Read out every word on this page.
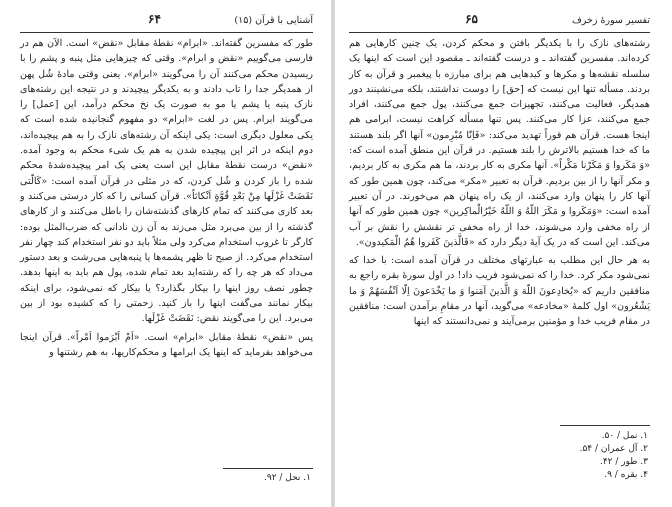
آشنایی با قرآن (۱۵)
۶۴

طور که مفسرین گفته‌اند. «ابرام» نقطهٔ مقابل «نقض» است. الآن هم در فارسی می‌گوییم «نقض و ابرام». وقتی که چیزهایی مثل پنبه و پشم را با ریسیدن محکم می‌کنند آن را می‌گویند «ابرام». یعنی وقتی مادهٔ شُل پهن از همدیگر جدا را تاب دادند و به یکدیگر پیچیدند و در نتیجه این رشته‌های نازک پنبه یا پشم یا مو به صورت یک نخ محکم درآمد، این [عمل] را می‌گویند ابرام. پس در لغت «ابرام» دو مفهوم گنجانیده شده است که یکی معلول دیگری است: یکی اینکه آن رشته‌های نازک را به هم پیچیده‌اند، دوم اینکه در اثر این پیچیده شدن به هم یک شیء محکم به وجود آمده. «نقض» درست نقطهٔ مقابل این است یعنی یک امر پیچیده‌شدهٔ محکم شده را باز کردن و شُل کردن، که در مثلی در قرآن آمده است: «کَالّتی نَقَضَتْ غَزْلَها مِنْ بَعْدِ قُوَّةٍ اَنْکاثاً». قرآن کسانی را که کار درستی می‌کنند و بعد کاری می‌کنند که تمام کارهای گذشته‌شان را باطل می‌کنند و از کارهای گذشته را از بین می‌برد مثل می‌زند به آن زن نادانی که ضرب‌المثل بوده: کارگر تا غروب استخدام می‌کرد ولی مثلاً باید دو نفر استخدام کند چهار نفر استخدام می‌کرد. از صبح تا ظهر پشمه‌ها یا پنبه‌هایی می‌رشت و بعد دستور می‌داد که هر چه را که رشته‌اید بعد تمام شده، پول هم باید به اینها بدهد. چطور نصف روز اینها را بیکار بگذارد؟ یا بیکار که نمی‌شود، برای اینکه بیکار نمانند می‌گفت اینها را باز کنید. زحمتی را که کشیده بود از بین می‌برد. این را می‌گویند نقض: نَقَضَتْ غَزْلَها.

پس «نقض» نقطهٔ مقابل «ابرام» است. «اَمْ اَبْرَموا اَمْراً». قرآن اینجا می‌خواهد بفرماید که اینها یک ابرامها و محکم‌کاریها، به هم رشتنها و

۱. نحل / ۹۲.
تفسیر سورهٔ زخرف
۶۵

رشته‌های نازک را با یکدیگر بافتن و محکم کردن، یک چنین کارهایی هم کرده‌اند. مفسرین گفته‌اند ـ و درست گفته‌اند ـ مقصود این است که اینها یک سلسله نقشه‌ها و مکرها و کیدهایی هم برای مبارزه با پیغمبر و قرآن به کار بردند. مسأله تنها این نیست که [حق] را دوست نداشتند، بلکه می‌نشینند دور همدیگر، فعالیت می‌کنند، تجهیزات جمع می‌کنند، پول جمع می‌کنند، افراد جمع می‌کنند، عزا کار می‌کنند. پس تنها مسأله کراهت نیست، ابرامی هم اینجا هست. قرآن هم فوراً تهدید می‌کند: «فَاِنّا مُبْرِمون» آنها اگر بلند هستند ما که خدا هستیم بالاترش را بلند هستیم. در قرآن این منطق آمده است که: «وَ مَکَروا وَ مَکَرْنا مَکْراً». آنها مکری به کار بردند، ما هم مکری به کار بردیم، و مکر آنها را از بین بردیم. قرآن به تعبیر «مکر» می‌کند، چون همین طور که آنها کار را پنهان وارد می‌کنند، از یک راه پنهان هم می‌خورند. در آن تعبیر آمده است: «وَمَکَروا و مَکَرَ اللّهُ وَ اللّهُ خَیْرُالْماکِرین» چون همین طور که آنها از راه مخفی وارد می‌شوند، خدا از راه مخفی تر نقشش را نقش بر آب می‌کند. این است که در یک آیهٔ دیگر دارد که «فَالَّذینَ کَفَروا هُمُ الْمَکیدون».

به هر حال این مطلب به عبارتهای مختلف در قرآن آمده است: با خدا که نمی‌شود مکر کرد. خدا را که نمی‌شود فریب داد! در اول سورهٔ بقره راجع به منافقین داریم که «یُخادِعونَ اللّهَ وَ الَّذینَ آمَنوا وَ ما یَخْدَعونَ اِلّا اَنْفُسَهُمْ وَ ما یَشْعُرون» اول کلمهٔ «مخادعه» می‌گوید، آنها در مقامِ برآمدن است: منافقین در مقام فریب خدا و مؤمنین برمی‌آیند و نمی‌دانستند که اینها

۱. نمل / ۵۰.
۲. آل عمران / ۵۴.
۳. طور / ۴۲.
۴. بقره / ۹.
